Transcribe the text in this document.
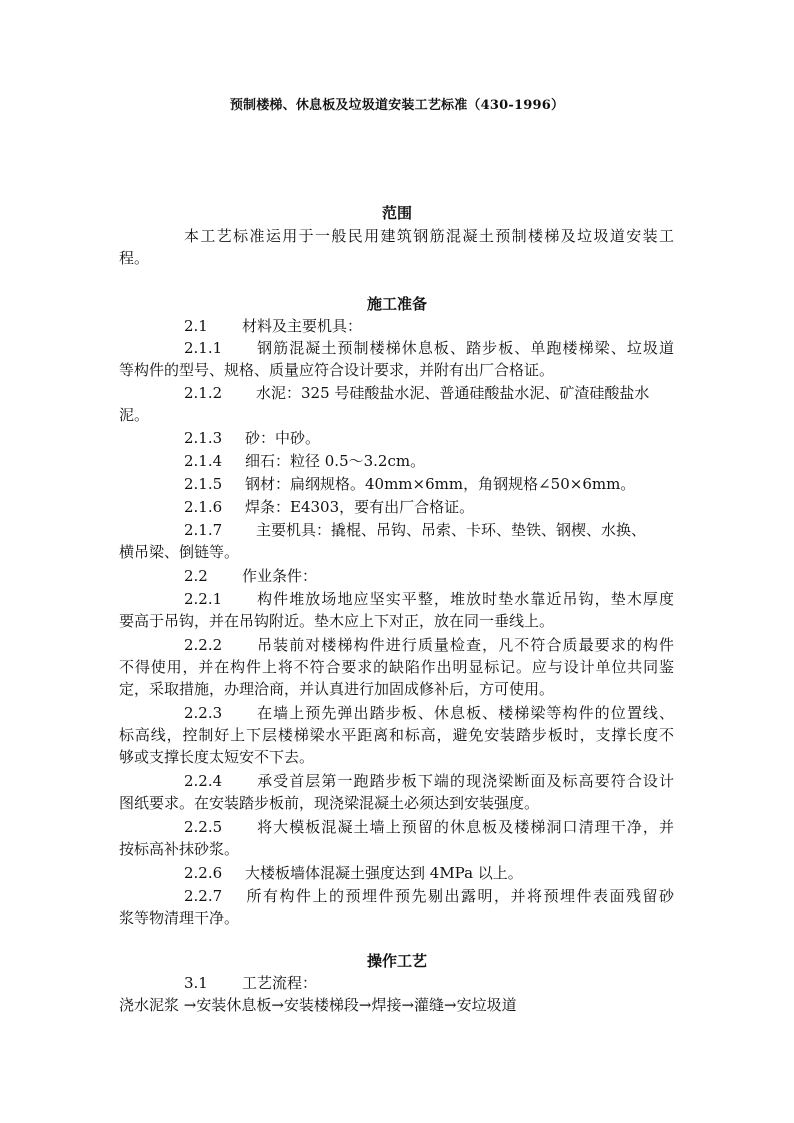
预制楼梯、休息板及垃圾道安装工艺标准（430-1996）
范围
本工艺标准运用于一般民用建筑钢筋混凝土预制楼梯及垃圾道安装工
程。
施工准备
2.1 材料及主要机具：
2.1.1 钢筋混凝土预制楼梯休息板、踏步板、单跑楼梯梁、垃圾道
等构件的型号、规格、质量应符合设计要求，并附有出厂合格证。
2.1.2 水泥：325 号硅酸盐水泥、普通硅酸盐水泥、矿渣硅酸盐水
泥。
2.1.3 砂：中砂。
2.1.4 细石：粒径 0.5～3.2cm。
2.1.5 钢材：扁纲规格。40mm×6mm，角钢规格∠50×6mm。
2.1.6 焊条：E4303，要有出厂合格证。
2.1.7 主要机具：撬棍、吊钩、吊索、卡环、垫铁、钢楔、水换、
横吊梁、倒链等。
2.2 作业条件：
2.2.1 构件堆放场地应坚实平整，堆放时垫水靠近吊钩，垫木厚度
要高于吊钩，并在吊钩附近。垫木应上下对正，放在同一垂线上。
2.2.2 吊装前对楼梯构件进行质量检查，凡不符合质最要求的构件
不得使用，并在构件上将不符合要求的缺陷作出明显标记。应与设计单位共同鉴
定，采取措施，办理洽商，并认真进行加固成修补后，方可使用。
2.2.3 在墙上预先弹出踏步板、休息板、楼梯梁等构件的位置线、
标高线，控制好上下层楼梯梁水平距离和标高，避免安装踏步板时，支撑长度不
够或支撑长度太短安不下去。
2.2.4 承受首层第一跑踏步板下端的现浇梁断面及标高要符合设计
图纸要求。在安装踏步板前，现浇梁混凝土必须达到安装强度。
2.2.5 将大模板混凝土墙上预留的休息板及楼梯洞口清理干净，并
按标高补抹砂浆。
2.2.6 大楼板墙体混凝土强度达到 4MPa 以上。
2.2.7 所有构件上的预埋件预先剔出露明，并将预埋件表面残留砂
浆等物清理干净。
操作工艺
3.1 工艺流程：
浇水泥浆 →安装休息板→安装楼梯段→焊接→灌缝→安垃圾道
